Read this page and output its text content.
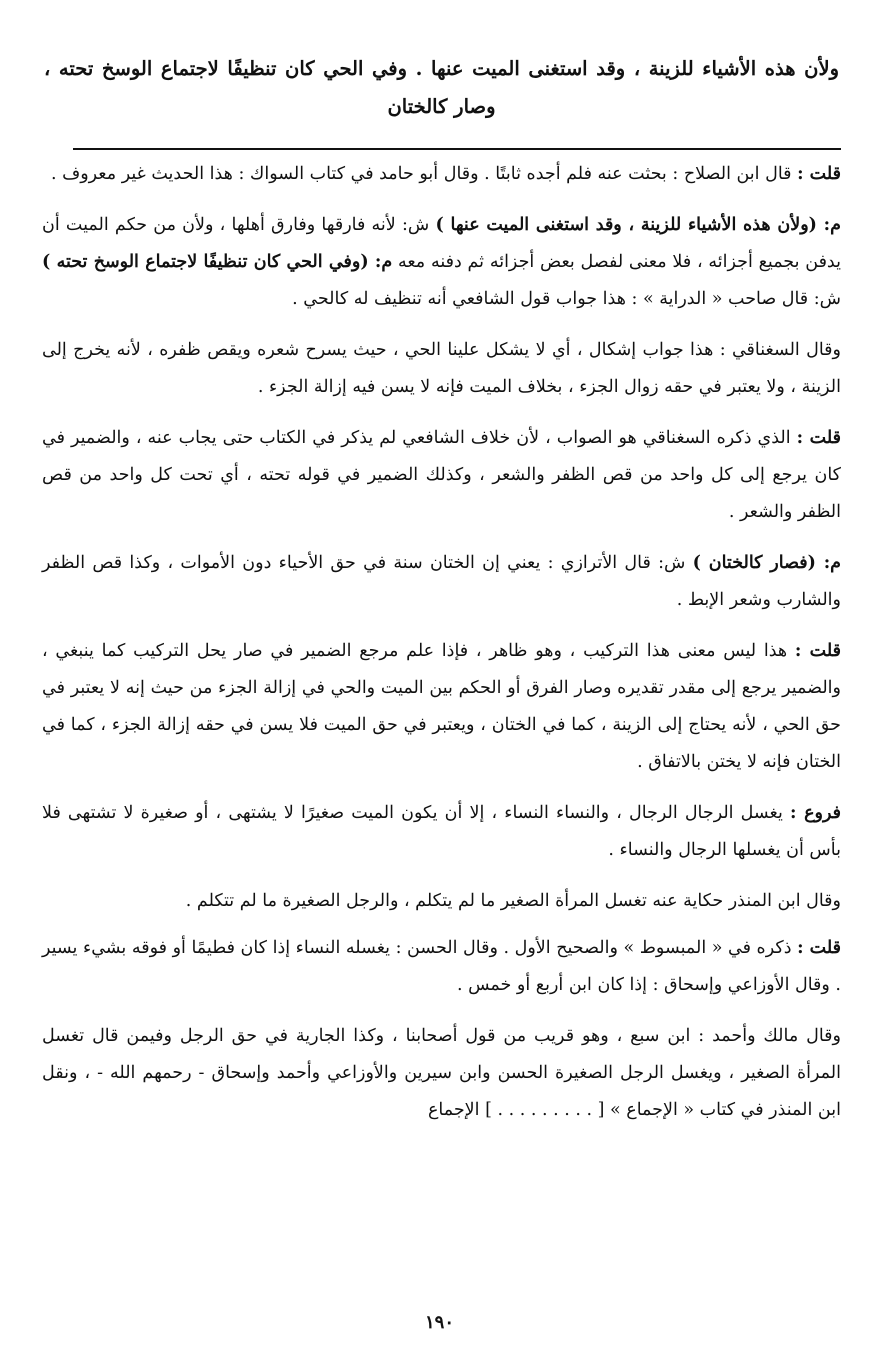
ولأن هذه الأشياء للزينة ، وقد استغنى الميت عنها . وفي الحي كان تنظيفًا لاجتماع الوسخ تحته ، وصار كالختان

قلت : قال ابن الصلاح : بحثت عنه فلم أجده ثابتًا . وقال أبو حامد في كتاب السواك : هذا الحديث غير معروف .

م: (ولأن هذه الأشياء للزينة ، وقد استغنى الميت عنها ) ش: لأنه فارقها وفارق أهلها ، ولأن من حكم الميت أن يدفن بجميع أجزائه ، فلا معنى لفصل بعض أجزائه ثم دفنه معه م: (وفي الحي كان تنظيفًا لاجتماع الوسخ تحته ) ش: قال صاحب « الدراية » : هذا جواب قول الشافعي أنه تنظيف له كالحي .

وقال السغناقي : هذا جواب إشكال ، أي لا يشكل علينا الحي ، حيث يسرح شعره ويقص ظفره ، لأنه يخرج إلى الزينة ، ولا يعتبر في حقه زوال الجزء ، بخلاف الميت فإنه لا يسن فيه إزالة الجزء .

قلت : الذي ذكره السغناقي هو الصواب ، لأن خلاف الشافعي لم يذكر في الكتاب حتى يجاب عنه ، والضمير في كان يرجع إلى كل واحد من قص الظفر والشعر ، وكذلك الضمير في قوله تحته ، أي تحت كل واحد من قص الظفر والشعر .

م: (فصار كالختان ) ش: قال الأترازي : يعني إن الختان سنة في حق الأحياء دون الأموات ، وكذا قص الظفر والشارب وشعر الإبط .

قلت : هذا ليس معنى هذا التركيب ، وهو ظاهر ، فإذا علم مرجع الضمير في صار يحل التركيب كما ينبغي ، والضمير يرجع إلى مقدر تقديره وصار الفرق أو الحكم بين الميت والحي في إزالة الجزء من حيث إنه لا يعتبر في حق الحي ، لأنه يحتاج إلى الزينة ، كما في الختان ، ويعتبر في حق الميت فلا يسن في حقه إزالة الجزء ، كما في الختان فإنه لا يختن بالاتفاق .

فروع : يغسل الرجال الرجال ، والنساء النساء ، إلا أن يكون الميت صغيرًا لا يشتهى ، أو صغيرة لا تشتهى فلا بأس أن يغسلها الرجال والنساء .

وقال ابن المنذر حكاية عنه تغسل المرأة الصغير ما لم يتكلم ، والرجل الصغيرة ما لم تتكلم .

قلت : ذكره في « المبسوط » والصحيح الأول . وقال الحسن : يغسله النساء إذا كان فطيمًا أو فوقه بشيء يسير . وقال الأوزاعي وإسحاق : إذا كان ابن أربع أو خمس .

وقال مالك وأحمد : ابن سبع ، وهو قريب من قول أصحابنا ، وكذا الجارية في حق الرجل وفيمن قال تغسل المرأة الصغير ، ويغسل الرجل الصغيرة الحسن وابن سيرين والأوزاعي وأحمد وإسحاق - رحمهم الله - ، ونقل ابن المنذر في كتاب « الإجماع » [ . . . . . . . . . ] الإجماع

١٩٠
